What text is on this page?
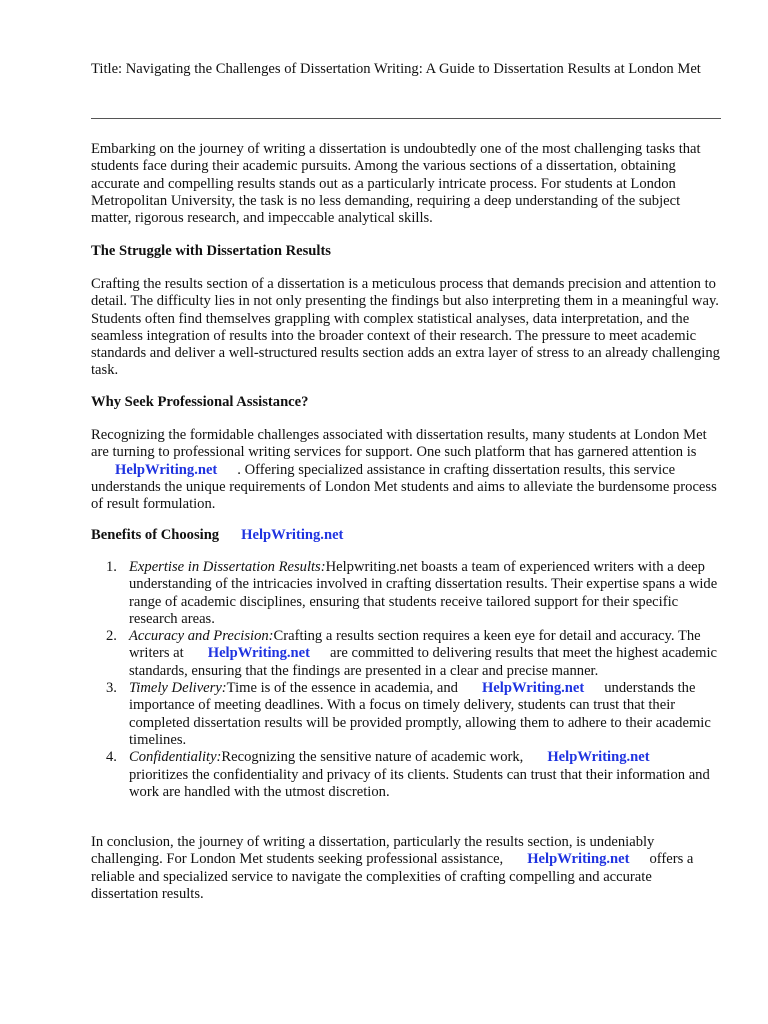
Title: Navigating the Challenges of Dissertation Writing: A Guide to Dissertation Results at London Met

Embarking on the journey of writing a dissertation is undoubtedly one of the most challenging tasks that students face during their academic pursuits. Among the various sections of a dissertation, obtaining accurate and compelling results stands out as a particularly intricate process. For students at London Metropolitan University, the task is no less demanding, requiring a deep understanding of the subject matter, rigorous research, and impeccable analytical skills.

The Struggle with Dissertation Results

Crafting the results section of a dissertation is a meticulous process that demands precision and attention to detail. The difficulty lies in not only presenting the findings but also interpreting them in a meaningful way. Students often find themselves grappling with complex statistical analyses, data interpretation, and the seamless integration of results into the broader context of their research. The pressure to meet academic standards and deliver a well-structured results section adds an extra layer of stress to an already challenging task.

Why Seek Professional Assistance?

Recognizing the formidable challenges associated with dissertation results, many students at London Met are turning to professional writing services for support. One such platform that has garnered attention isHelpWriting.net . Offering specialized assistance in crafting dissertation results, this service understands the unique requirements of London Met students and aims to alleviate the burdensome process of result formulation.

Benefits of Choosing HelpWriting.net
1. Expertise in Dissertation Results:Helpwriting.net boasts a team of experienced writers with a deep understanding of the intricacies involved in crafting dissertation results. Their expertise spans a wide range of academic disciplines, ensuring that students receive tailored support for their specific research areas.
2. Accuracy and Precision:Crafting a results section requires a keen eye for detail and accuracy. The writers at HelpWriting.net are committed to delivering results that meet the highest academic standards, ensuring that the findings are presented in a clear and precise manner.
3. Timely Delivery:Time is of the essence in academia, and HelpWriting.net understands the importance of meeting deadlines. With a focus on timely delivery, students can trust that their completed dissertation results will be provided promptly, allowing them to adhere to their academic timelines.
4. Confidentiality:Recognizing the sensitive nature of academic work, HelpWriting.netprioritizes the confidentiality and privacy of its clients. Students can trust that their information and work are handled with the utmost discretion.

In conclusion, the journey of writing a dissertation, particularly the results section, is undeniably challenging. For London Met students seeking professional assistance, HelpWriting.net offers a reliable and specialized service to navigate the complexities of crafting compelling and accurate dissertation results.
